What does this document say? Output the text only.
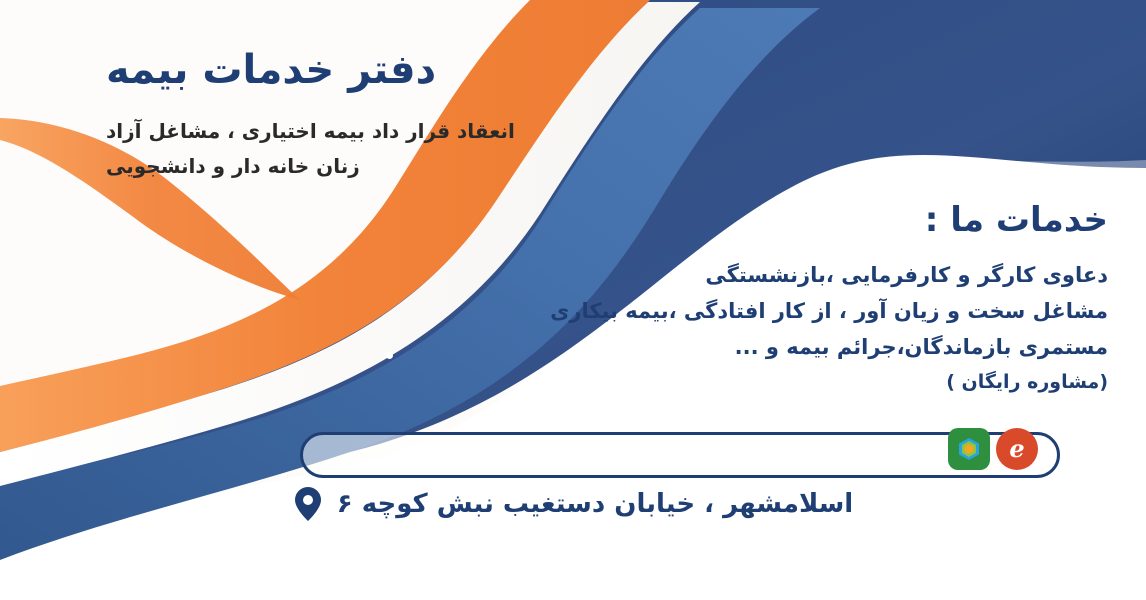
دفتر خدمات بیمه
انعقاد قرار داد بیمه اختیاری ، مشاغل آزاد
زنان خانه دار و دانشجویی
خدمات ما :
دعاوی کارگر و کارفرمایی ،بازنشستگی
مشاغل سخت و زیان آور ، از کار افتادگی ،بیمه بیکاری
مستمری بازماندگان،جرائم بیمه و ...
(مشاوره رایگان )
ℯ
اسلامشهر ، خیابان دستغیب نبش کوچه ۶
